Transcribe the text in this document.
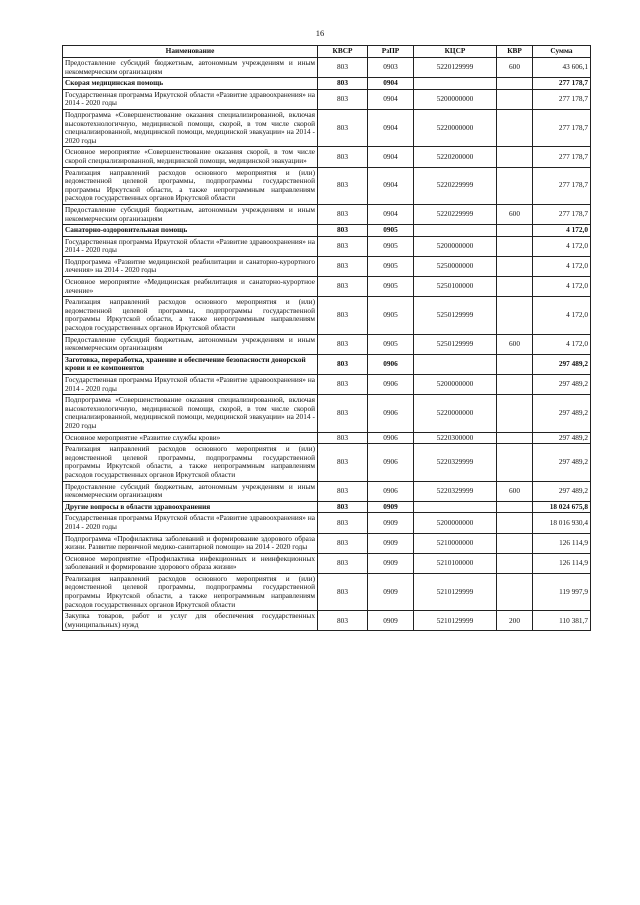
16
Наименование	КВСР	РзПР	КЦСР	КВР	Сумма
Предоставление субсидий бюджетным, автономным учреждениям и иным некоммерческим организациям	803	0903	5220129999	600	43 606,1
Скорая медицинская помощь	803	0904			277 178,7
Государственная программа Иркутской области «Развитие здравоохранения» на 2014 - 2020 годы	803	0904	5200000000		277 178,7
Подпрограмма «Совершенствование оказания специализированной, включая высокотехнологичную, медицинской помощи, скорой, в том числе скорой специализированной, медицинской помощи, медицинской эвакуации» на 2014 - 2020 годы	803	0904	5220000000		277 178,7
Основное мероприятие «Совершенствование оказания скорой, в том числе скорой специализированной, медицинской помощи, медицинской эвакуации»	803	0904	5220200000		277 178,7
Реализация направлений расходов основного мероприятия и (или) ведомственной целевой программы, подпрограммы государственной программы Иркутской области, а также непрограммным направлениям расходов государственных органов Иркутской области	803	0904	5220229999		277 178,7
Предоставление субсидий бюджетным, автономным учреждениям и иным некоммерческим организациям	803	0904	5220229999	600	277 178,7
Санаторно-оздоровительная помощь	803	0905			4 172,0
Государственная программа Иркутской области «Развитие здравоохранения» на 2014 - 2020 годы	803	0905	5200000000		4 172,0
Подпрограмма «Развитие медицинской реабилитации и санаторно-курортного лечения» на 2014 - 2020 годы	803	0905	5250000000		4 172,0
Основное мероприятие «Медицинская реабилитация и санаторно-курортное лечение»	803	0905	5250100000		4 172,0
Реализация направлений расходов основного мероприятия и (или) ведомственной целевой программы, подпрограммы государственной программы Иркутской области, а также непрограммным направлениям расходов государственных органов Иркутской области	803	0905	5250129999		4 172,0
Предоставление субсидий бюджетным, автономным учреждениям и иным некоммерческим организациям	803	0905	5250129999	600	4 172,0
Заготовка, переработка, хранение и обеспечение безопасности донорской крови и ее компонентов	803	0906			297 489,2
Государственная программа Иркутской области «Развитие здравоохранения» на 2014 - 2020 годы	803	0906	5200000000		297 489,2
Подпрограмма «Совершенствование оказания специализированной, включая высокотехнологичную, медицинской помощи, скорой, в том числе скорой специализированной, медицинской помощи, медицинской эвакуации» на 2014 - 2020 годы	803	0906	5220000000		297 489,2
Основное мероприятие «Развитие службы крови»	803	0906	5220300000		297 489,2
Реализация направлений расходов основного мероприятия и (или) ведомственной целевой программы, подпрограммы государственной программы Иркутской области, а также непрограммным направлениям расходов государственных органов Иркутской области	803	0906	5220329999		297 489,2
Предоставление субсидий бюджетным, автономным учреждениям и иным некоммерческим организациям	803	0906	5220329999	600	297 489,2
Другие вопросы в области здравоохранения	803	0909			18 024 675,8
Государственная программа Иркутской области «Развитие здравоохранения» на 2014 - 2020 годы	803	0909	5200000000		18 016 930,4
Подпрограмма «Профилактика заболеваний и формирование здорового образа жизни. Развитие первичной медико-санитарной помощи» на 2014 - 2020 годы	803	0909	5210000000		126 114,9
Основное мероприятие «Профилактика инфекционных и неинфекционных заболеваний и формирование здорового образа жизни»	803	0909	5210100000		126 114,9
Реализация направлений расходов основного мероприятия и (или) ведомственной целевой программы, подпрограммы государственной программы Иркутской области, а также непрограммным направлениям расходов государственных органов Иркутской области	803	0909	5210129999		119 997,9
Закупка товаров, работ и услуг для обеспечения государственных (муниципальных) нужд	803	0909	5210129999	200	110 381,7
